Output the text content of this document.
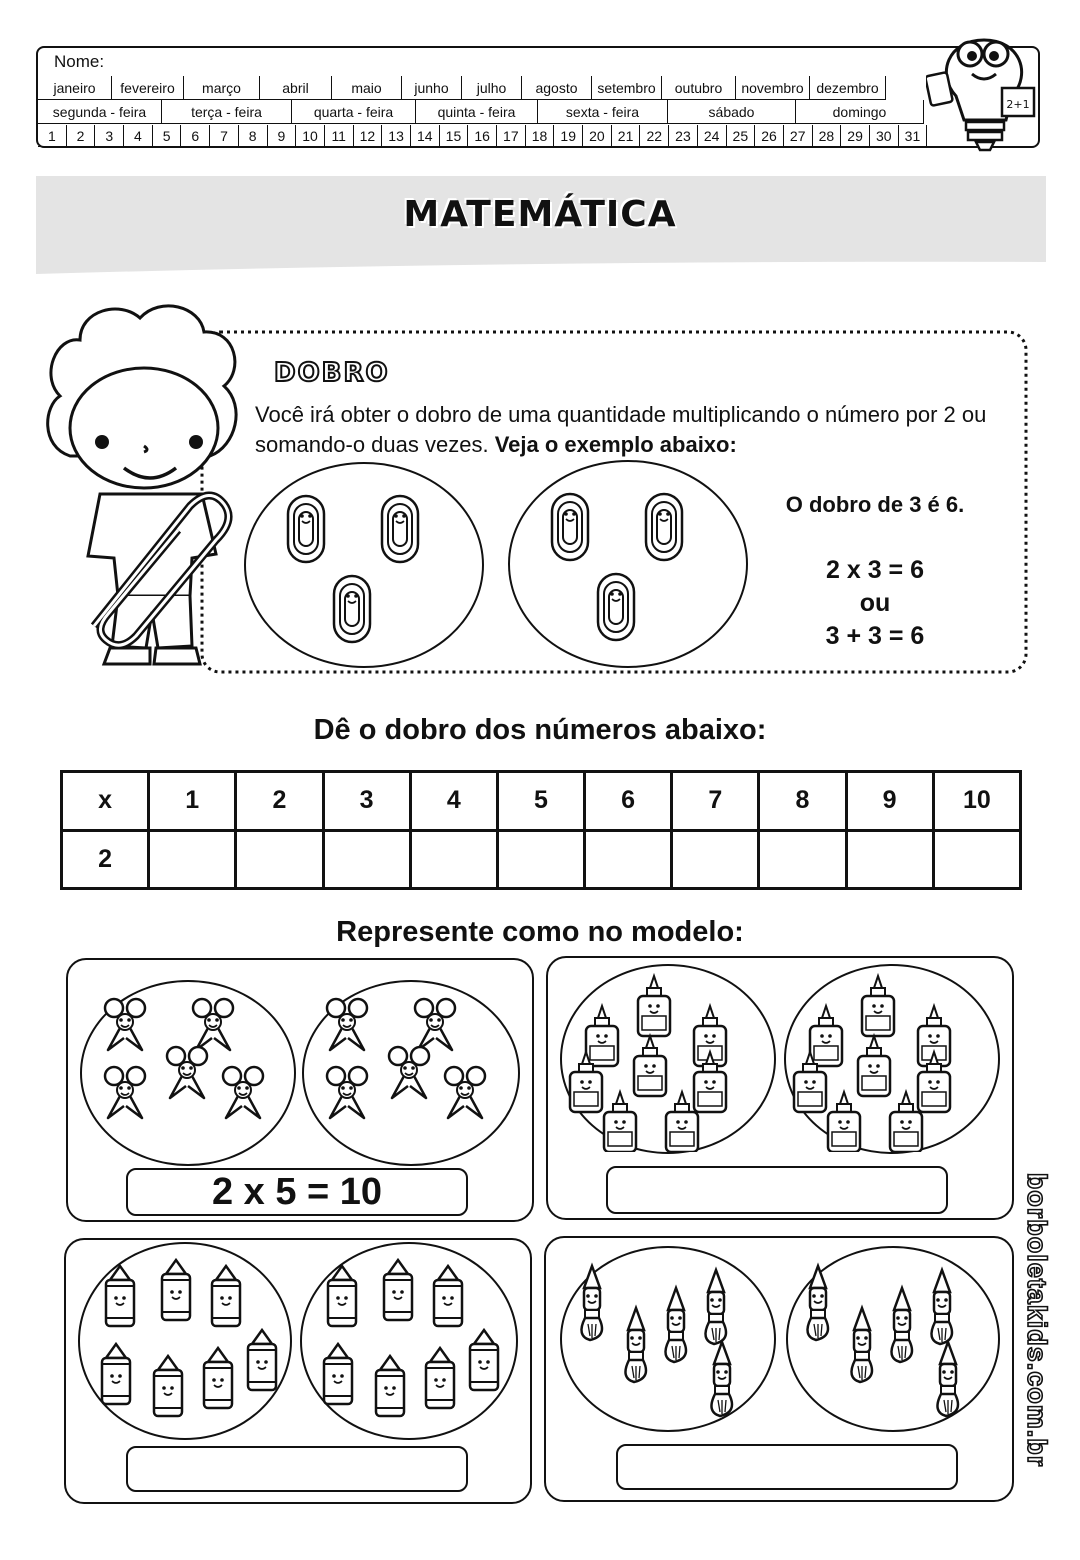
Nome:
janeiro	fevereiro	março	abril	maio	junho	julho	agosto	setembro	outubro	novembro dezembro
segunda - feira	terça - feira	quarta - feira	quinta - feira	sexta - feira	sábado	domingo
1	2	3	4	5	6	7	8	9	10 11 12 13 14 15 16 17 18 19 20 21 22 23 24 25 26 27 28 29 30 31
2+1
MATEMÁTICA
DOBRO
Você irá obter o dobro de uma quantidade multiplicando o número por 2 ou somando-o duas vezes. Veja o exemplo abaixo:
O dobro de 3 é 6.
2 x 3 = 6
ou
3 + 3 = 6
Dê o dobro dos números abaixo:
x	1	2	3	4	5	6	7	8	9	10
2										
Represente como no modelo:
2 x 5 = 10	borboletakids.com.br
